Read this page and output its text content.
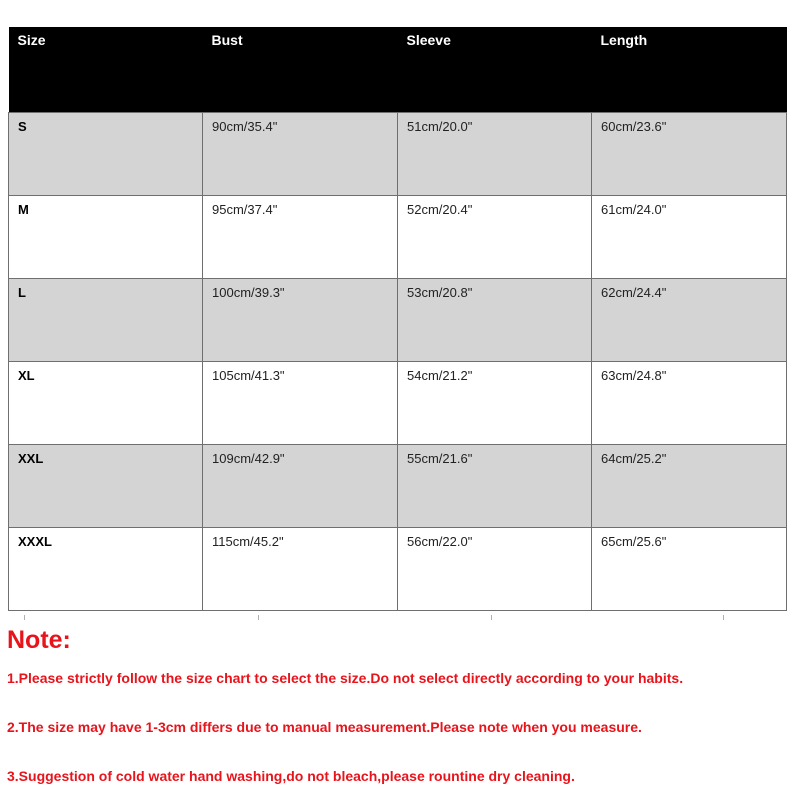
Size	Bust	Sleeve	Length
S	90cm/35.4"	51cm/20.0"	60cm/23.6"
M	95cm/37.4"	52cm/20.4"	61cm/24.0"
L	100cm/39.3"	53cm/20.8"	62cm/24.4"
XL	105cm/41.3"	54cm/21.2"	63cm/24.8"
XXL	109cm/42.9"	55cm/21.6"	64cm/25.2"
XXXL	115cm/45.2"	56cm/22.0"	65cm/25.6"

Note:

1.Please strictly follow the size chart to select the size.Do not select directly according to your habits.

2.The size may have 1-3cm differs due to manual measurement.Please note when you measure.

3.Suggestion of cold water hand washing,do not bleach,please rountine dry cleaning.
